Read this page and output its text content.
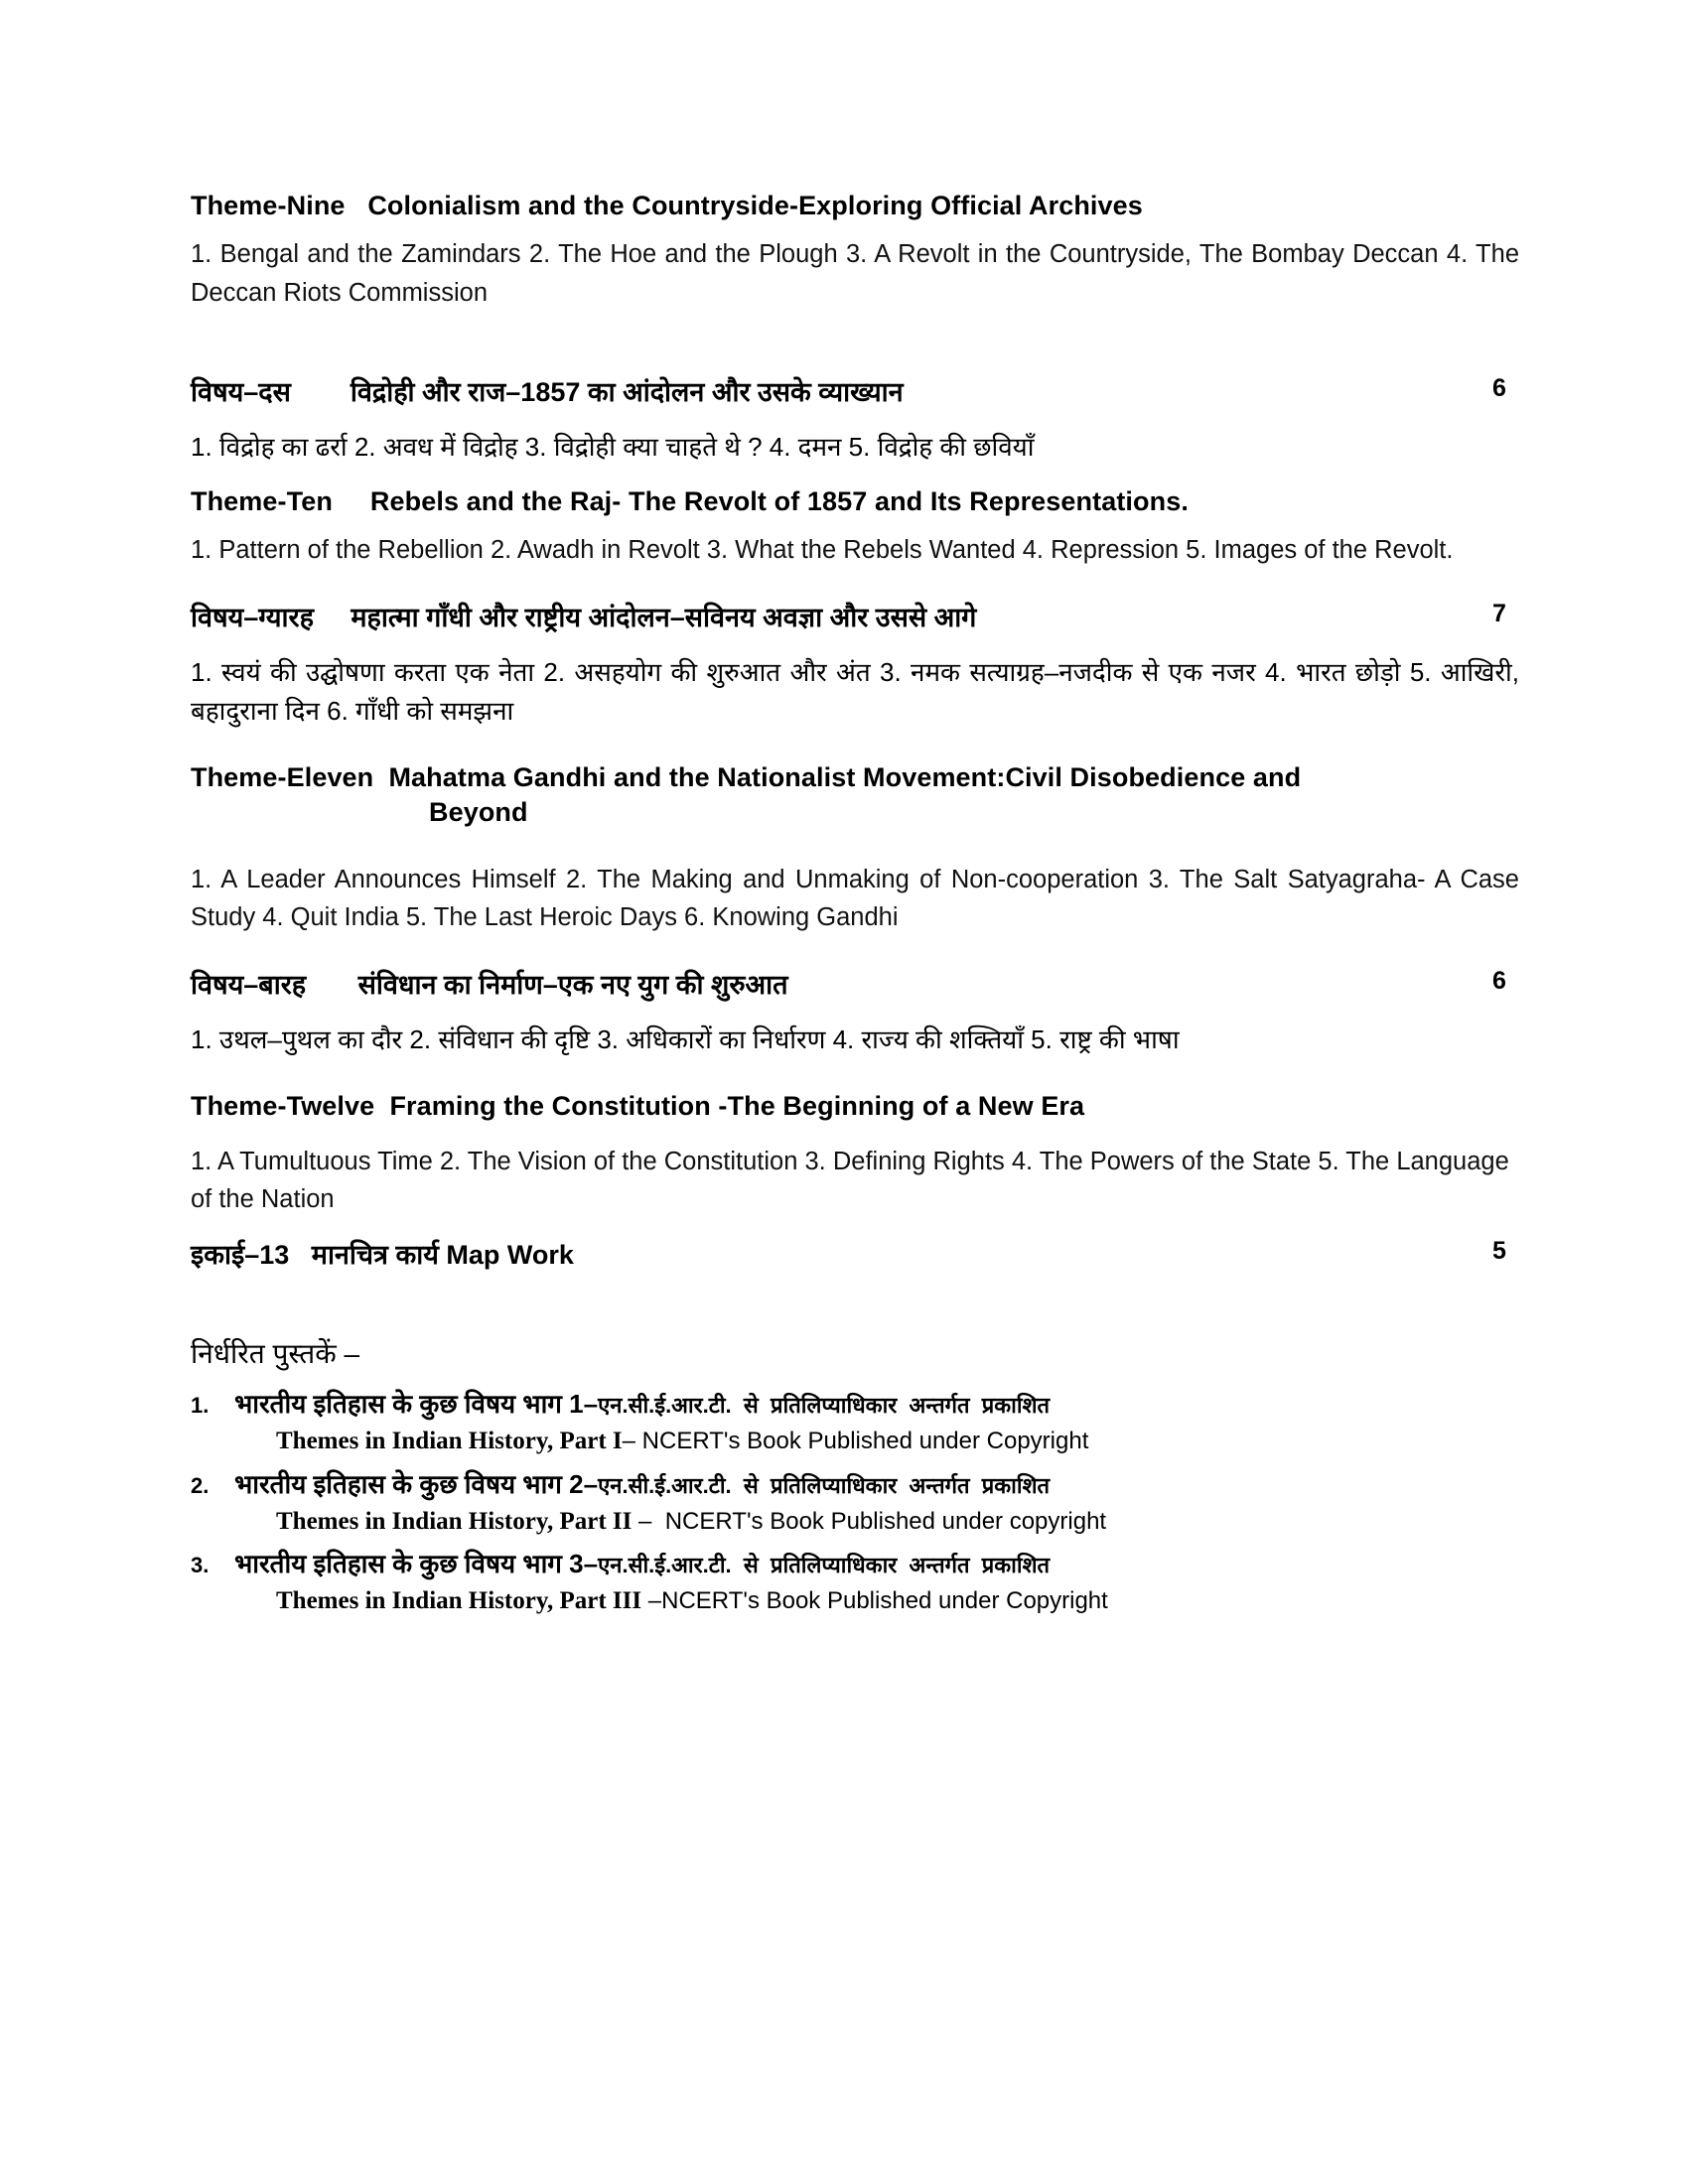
Theme-Nine   Colonialism and the Countryside-Exploring Official Archives

1. Bengal and the Zamindars 2. The Hoe and the Plough 3. A Revolt in the Countryside, The Bombay Deccan 4. The   Deccan Riots Commission

विषय–दस        विद्रोही और राज–1857 का आंदोलन और उसके व्याख्यान	6

1. विद्रोह का ढर्रा 2. अवध में विद्रोह 3. विद्रोही क्या चाहते थे ? 4. दमन 5. विद्रोह की छवियाँ

Theme-Ten     Rebels and the Raj- The Revolt of 1857 and Its Representations.

1. Pattern of the Rebellion 2. Awadh in Revolt 3. What the Rebels Wanted 4. Repression 5. Images of the Revolt.

विषय–ग्यारह     महात्मा गाँधी और राष्ट्रीय आंदोलन–सविनय अवज्ञा और उससे आगे	7

1. स्वयं की उद्घोषणा करता एक नेता 2. असहयोग की शुरुआत और अंत 3. नमक सत्याग्रह–नजदीक से एक नजर 4. भारत छोड़ो 5. आखिरी, बहादुराना दिन 6. गाँधी को समझना

Theme-Eleven  Mahatma Gandhi and the Nationalist Movement:Civil Disobedience and

Beyond

1. A Leader Announces Himself 2. The Making and Unmaking of Non-cooperation 3. The Salt Satyagraha- A Case Study 4. Quit India 5. The Last Heroic Days 6. Knowing Gandhi

विषय–बारह       संविधान का निर्माण–एक नए युग की शुरुआत	6

1. उथल–पुथल का दौर 2. संविधान की दृष्टि 3. अधिकारों का निर्धारण 4. राज्य की शक्तियाँ 5. राष्ट्र की भाषा

Theme-Twelve  Framing the Constitution -The Beginning of a New Era

1. A Tumultuous Time 2. The Vision of the Constitution 3. Defining Rights 4. The Powers of the State 5. The Language of the Nation

इकाई–13   मानचित्र कार्य Map Work	5

निर्धरित पुस्तकें –

1. भारतीय इतिहास के कुछ विषय भाग 1–एन.सी.ई.आर.टी.  से  प्रतिलिप्याधिकार  अन्तर्गत  प्रकाशित

Themes in Indian History, Part I– NCERT's Book Published under Copyright

2. भारतीय इतिहास के कुछ विषय भाग 2–एन.सी.ई.आर.टी.  से  प्रतिलिप्याधिकार  अन्तर्गत  प्रकाशित

Themes in Indian History, Part II –  NCERT's Book Published under copyright

3. भारतीय इतिहास के कुछ विषय भाग 3–एन.सी.ई.आर.टी.  से  प्रतिलिप्याधिकार  अन्तर्गत  प्रकाशित

Themes in Indian History, Part III –NCERT's Book Published under Copyright
